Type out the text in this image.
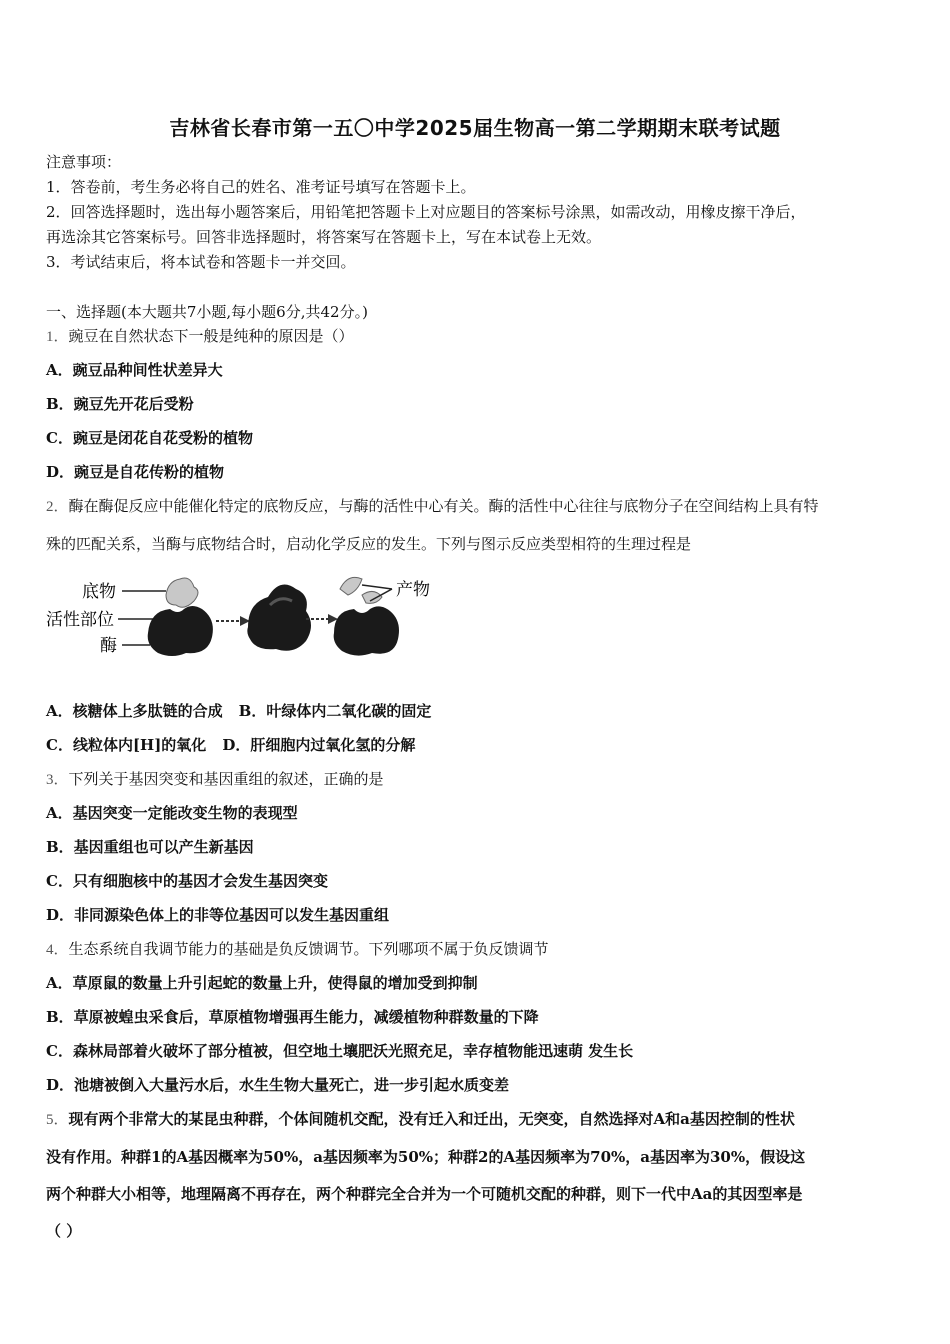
吉林省长春市第一五〇中学2025届生物高一第二学期期末联考试题
注意事项：
1．答卷前，考生务必将自己的姓名、准考证号填写在答题卡上。
2．回答选择题时，选出每小题答案后，用铅笔把答题卡上对应题目的答案标号涂黑，如需改动，用橡皮擦干净后，
再选涂其它答案标号。回答非选择题时，将答案写在答题卡上，写在本试卷上无效。
3．考试结束后，将本试卷和答题卡一并交回。
一、选择题(本大题共7小题,每小题6分,共42分。)
1．豌豆在自然状态下一般是纯种的原因是（）
A．豌豆品种间性状差异大
B．豌豆先开花后受粉
C．豌豆是闭花自花受粉的植物
D．豌豆是自花传粉的植物
2．酶在酶促反应中能催化特定的底物反应，与酶的活性中心有关。酶的活性中心往往与底物分子在空间结构上具有特
殊的匹配关系，当酶与底物结合时，启动化学反应的发生。下列与图示反应类型相符的生理过程是
底物
活性部位
酶
产物
A．核糖体上多肽链的合成 B．叶绿体内二氧化碳的固定
C．线粒体内[H]的氧化 D．肝细胞内过氧化氢的分解
3．下列关于基因突变和基因重组的叙述，正确的是
A．基因突变一定能改变生物的表现型
B．基因重组也可以产生新基因
C．只有细胞核中的基因才会发生基因突变
D．非同源染色体上的非等位基因可以发生基因重组
4．生态系统自我调节能力的基础是负反馈调节。下列哪项不属于负反馈调节
A．草原鼠的数量上升引起蛇的数量上升，使得鼠的增加受到抑制
B．草原被蝗虫采食后，草原植物增强再生能力，减缓植物种群数量的下降
C．森林局部着火破坏了部分植被，但空地土壤肥沃光照充足，幸存植物能迅速萌 发生长
D．池塘被倒入大量污水后，水生生物大量死亡，进一步引起水质变差
5．现有两个非常大的某昆虫种群，个体间随机交配，没有迁入和迁出，无突变，自然选择对A和a基因控制的性状
没有作用。种群1的A基因概率为50%，a基因频率为50%；种群2的A基因频率为70%，a基因率为30%，假设这
两个种群大小相等，地理隔离不再存在，两个种群完全合并为一个可随机交配的种群，则下一代中Aa的其因型率是
（ ）
